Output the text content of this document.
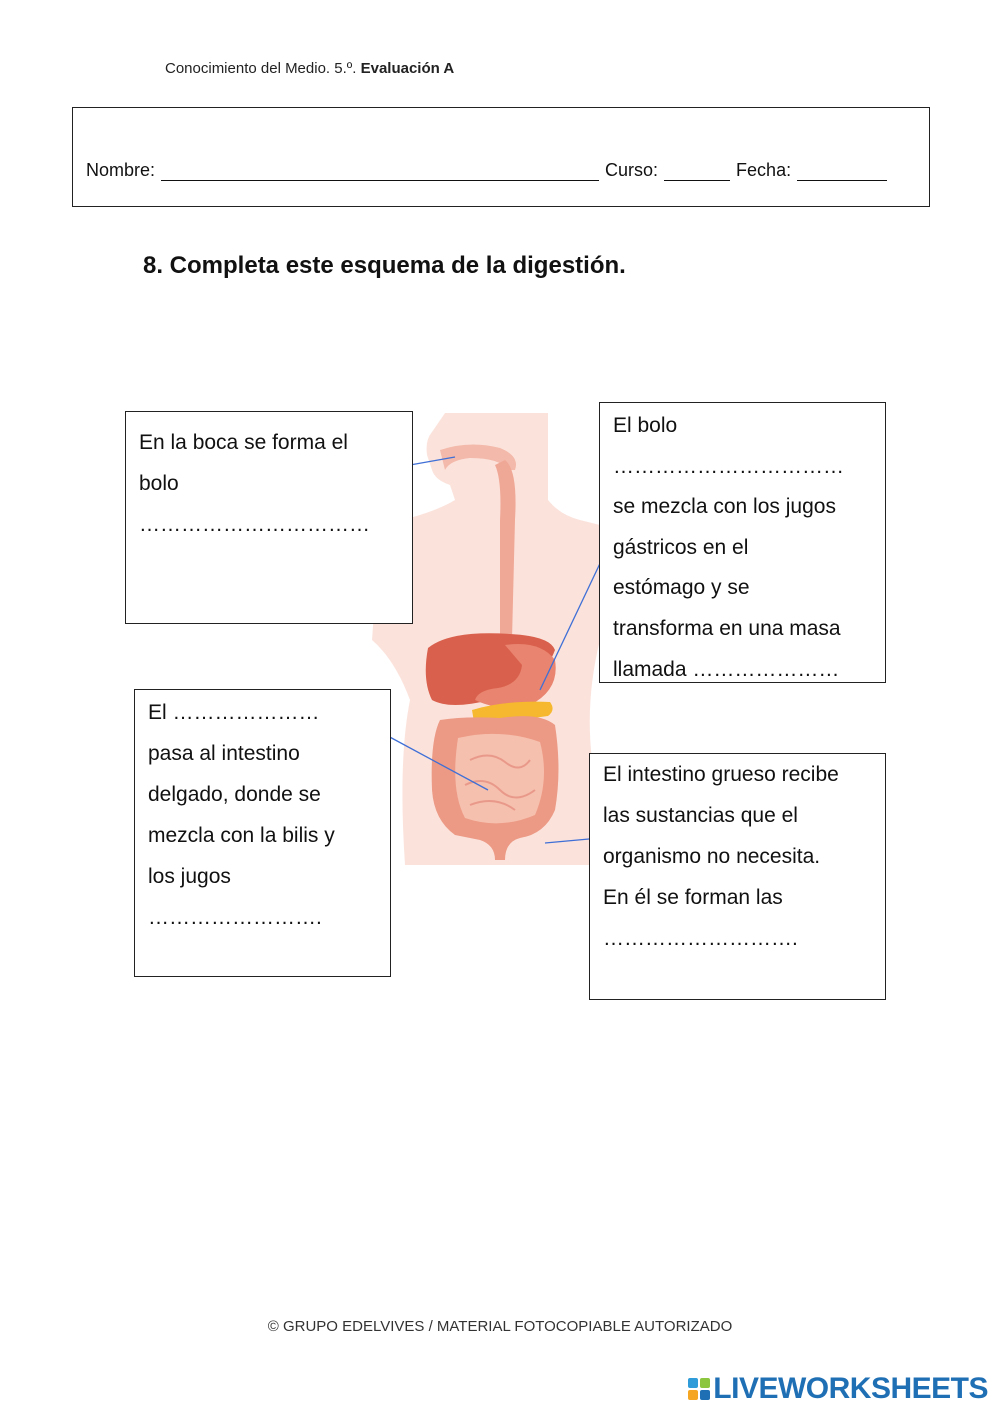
Conocimiento del Medio. 5.º. Evaluación A
Nombre:	Curso:	Fecha:
8. Completa este esquema de la digestión.
En la boca se forma el
bolo
……………………………
El bolo
……………………………
se mezcla con los jugos
gástricos en el
estómago y se
transforma en una masa
llamada …………………
El …………………
pasa al intestino
delgado, donde se
mezcla con la bilis y
los jugos
…………………….
El intestino grueso recibe
las sustancias que el
organismo no necesita.
En él se forman las
……………………….
© GRUPO EDELVIVES / MATERIAL FOTOCOPIABLE AUTORIZADO
LIVEWORKSHEETS
